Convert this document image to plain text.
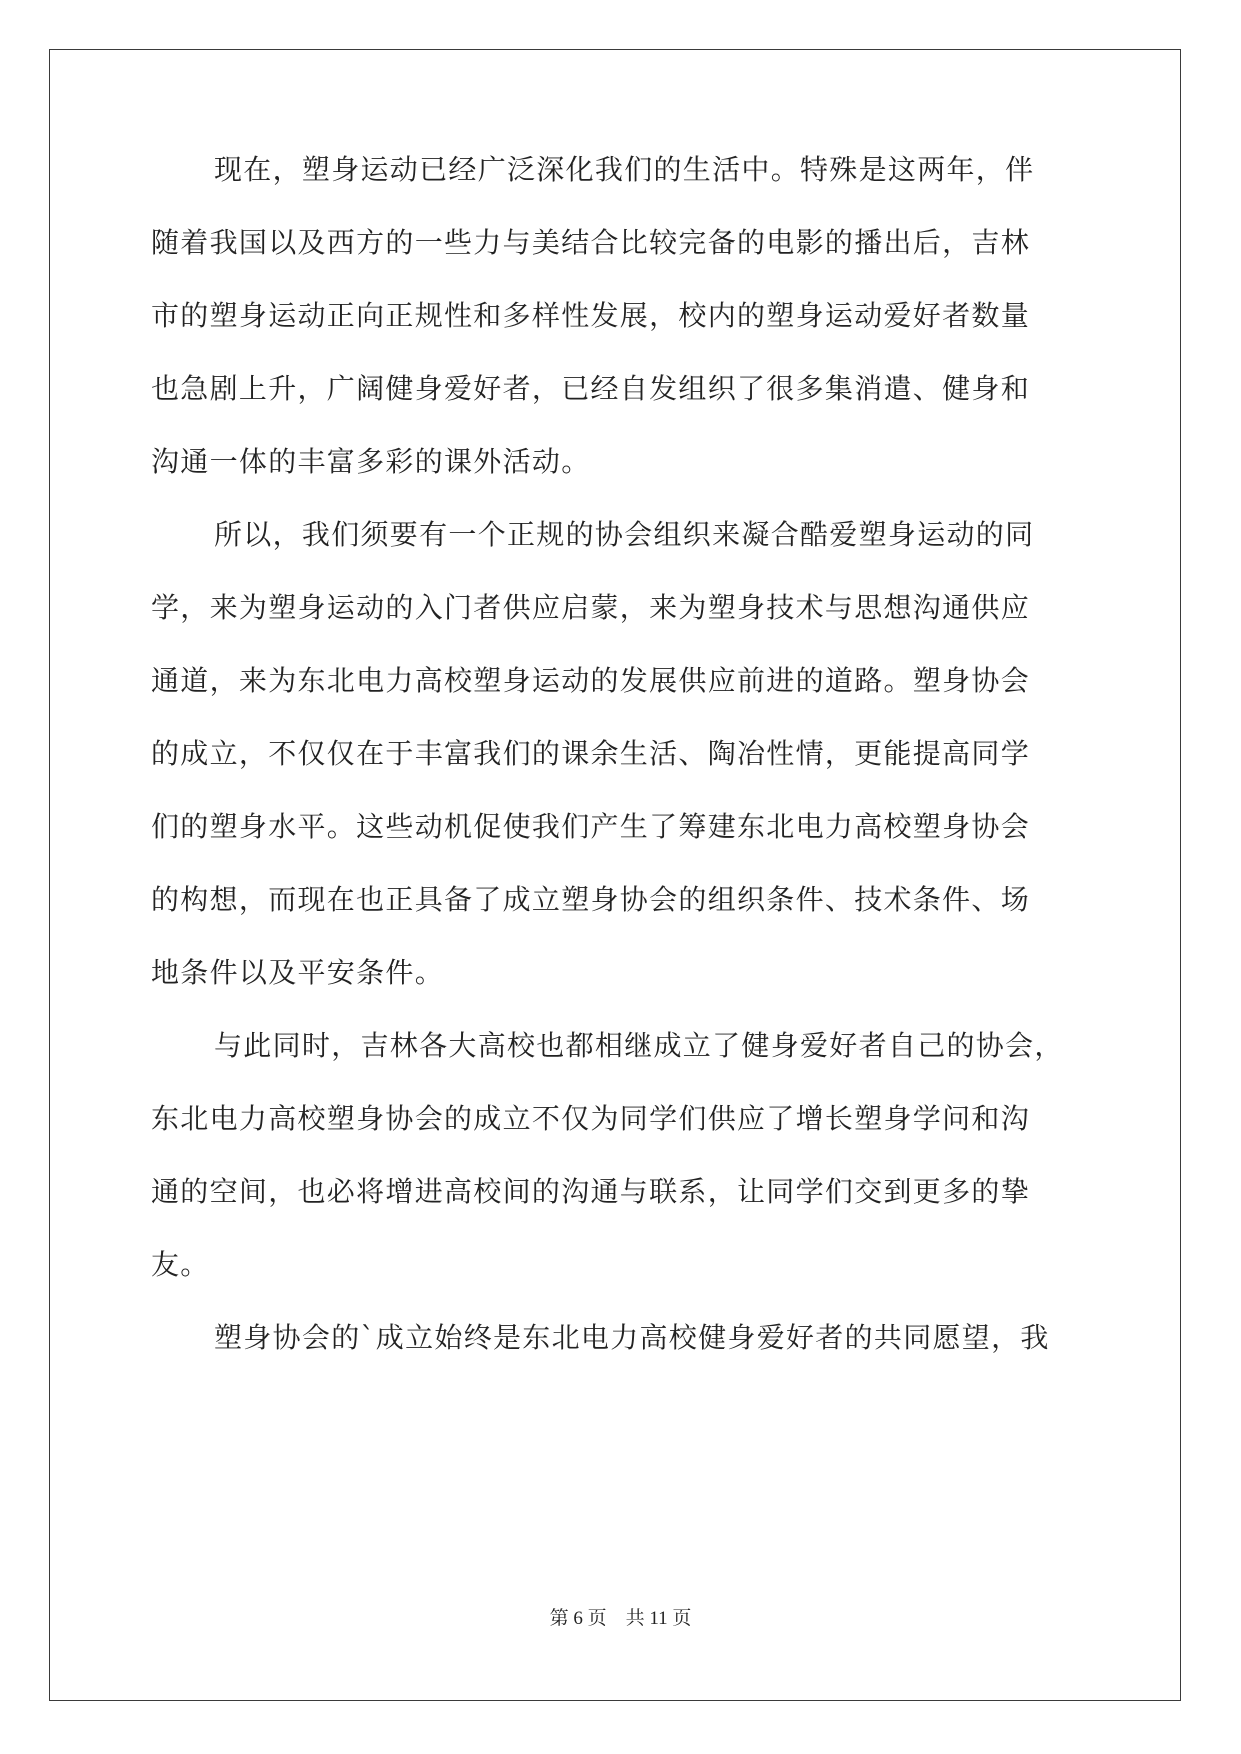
现在，塑身运动已经广泛深化我们的生活中。特殊是这两年，伴
随着我国以及西方的一些力与美结合比较完备的电影的播出后，吉林
市的塑身运动正向正规性和多样性发展，校内的塑身运动爱好者数量
也急剧上升，广阔健身爱好者，已经自发组织了很多集消遣、健身和
沟通一体的丰富多彩的课外活动。
所以，我们须要有一个正规的协会组织来凝合酷爱塑身运动的同
学，来为塑身运动的入门者供应启蒙，来为塑身技术与思想沟通供应
通道，来为东北电力高校塑身运动的发展供应前进的道路。塑身协会
的成立，不仅仅在于丰富我们的课余生活、陶冶性情，更能提高同学
们的塑身水平。这些动机促使我们产生了筹建东北电力高校塑身协会
的构想，而现在也正具备了成立塑身协会的组织条件、技术条件、场
地条件以及平安条件。
与此同时，吉林各大高校也都相继成立了健身爱好者自己的协会，
东北电力高校塑身协会的成立不仅为同学们供应了增长塑身学问和沟
通的空间，也必将增进高校间的沟通与联系，让同学们交到更多的挚
友。
塑身协会的`成立始终是东北电力高校健身爱好者的共同愿望，我
第 6 页    共 11 页
